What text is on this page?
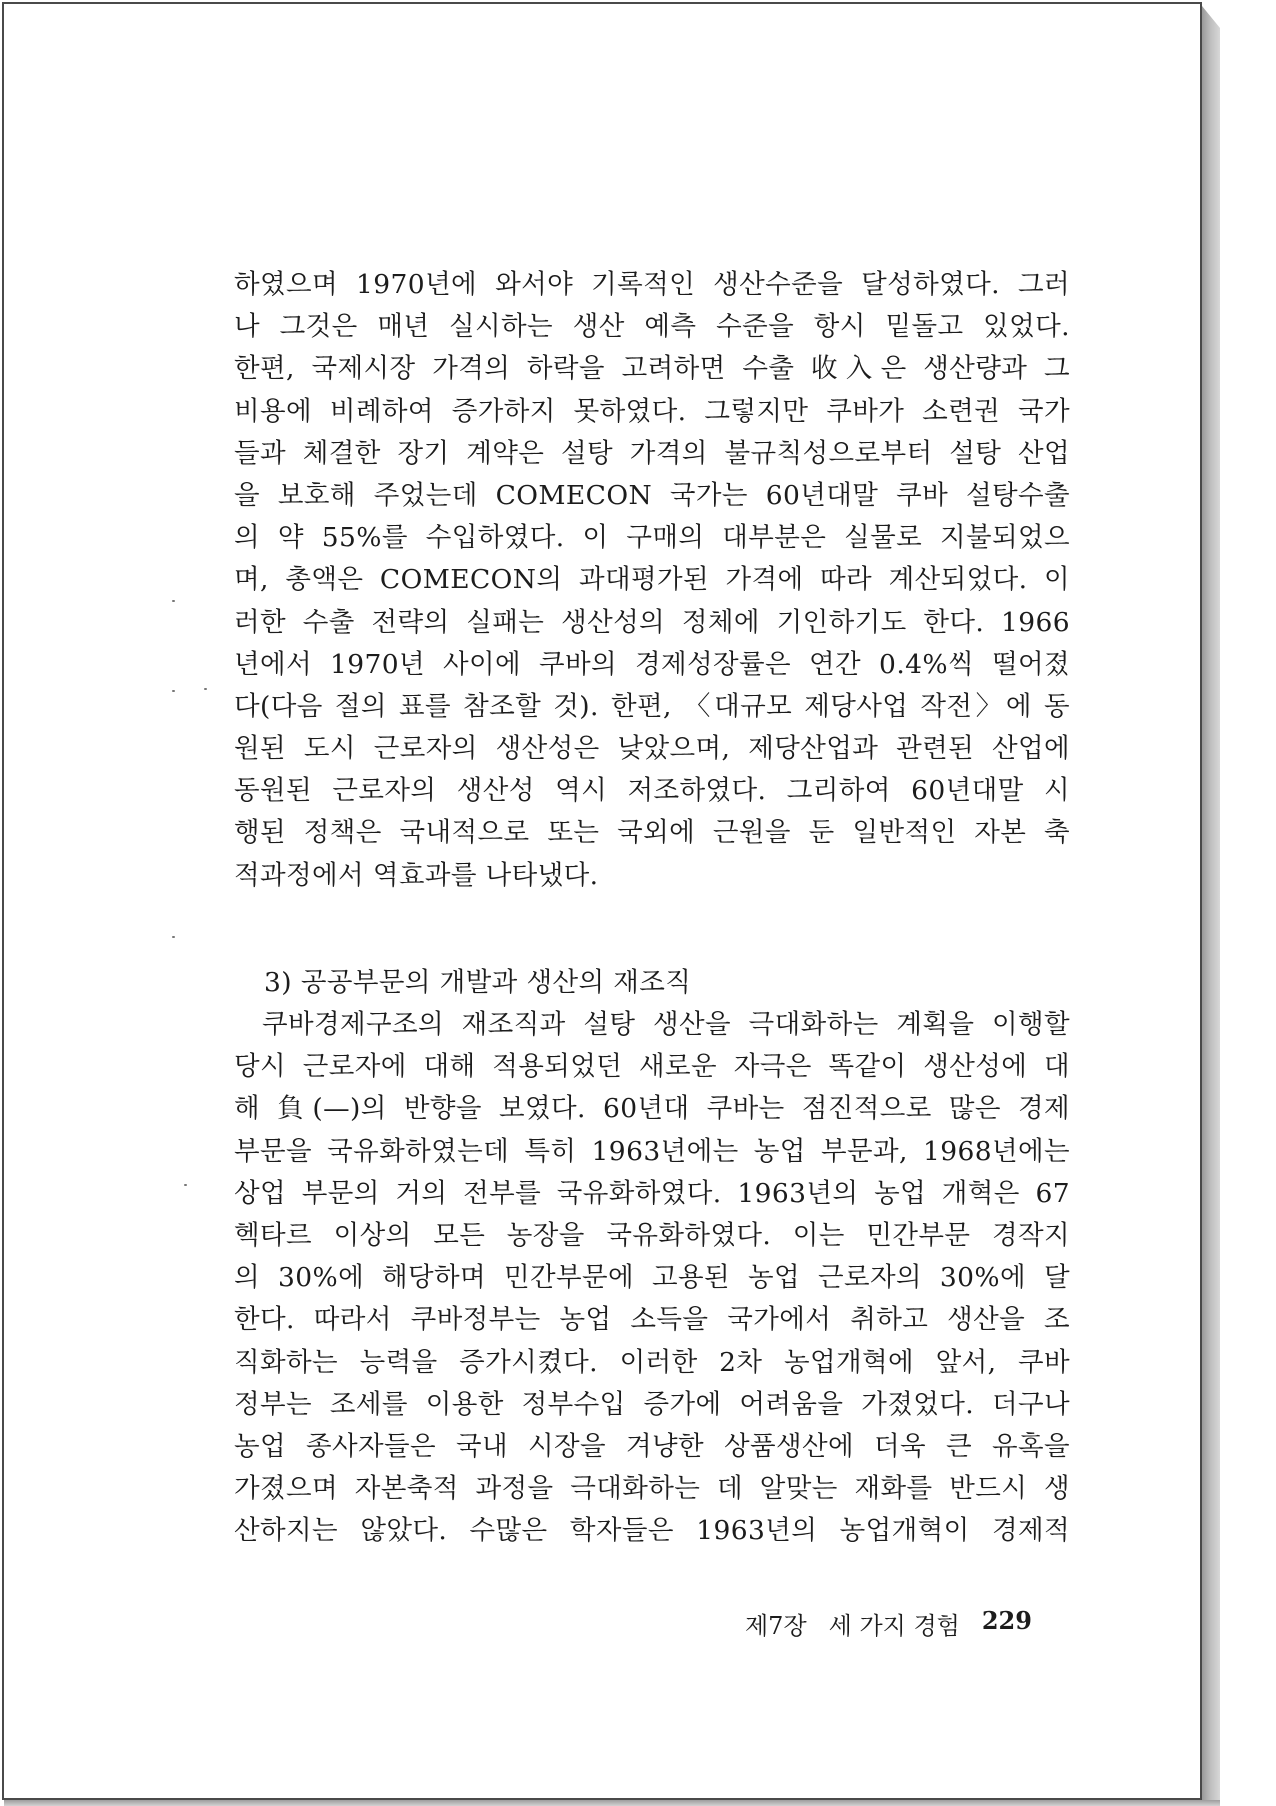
하였으며 1970년에 와서야 기록적인 생산수준을 달성하였다. 그러

나 그것은 매년 실시하는 생산 예측 수준을 항시 밑돌고 있었다.

한편, 국제시장 가격의 하락을 고려하면 수출 收入은 생산량과 그

비용에 비례하여 증가하지 못하였다. 그렇지만 쿠바가 소련권 국가

들과 체결한 장기 계약은 설탕 가격의 불규칙성으로부터 설탕 산업

을 보호해 주었는데 COMECON 국가는 60년대말 쿠바 설탕수출

의 약 55%를 수입하였다. 이 구매의 대부분은 실물로 지불되었으

며, 총액은 COMECON의 과대평가된 가격에 따라 계산되었다. 이

러한 수출 전략의 실패는 생산성의 정체에 기인하기도 한다. 1966

년에서 1970년 사이에 쿠바의 경제성장률은 연간 0.4%씩 떨어졌

다(다음 절의 표를 참조할 것). 한편, 〈대규모 제당사업 작전〉에 동

원된 도시 근로자의 생산성은 낮았으며, 제당산업과 관련된 산업에

동원된 근로자의 생산성 역시 저조하였다. 그리하여 60년대말 시

행된 정책은 국내적으로 또는 국외에 근원을 둔 일반적인 자본 축

적과정에서 역효과를 나타냈다.

3) 공공부문의 개발과 생산의 재조직

쿠바경제구조의 재조직과 설탕 생산을 극대화하는 계획을 이행할

당시 근로자에 대해 적용되었던 새로운 자극은 똑같이 생산성에 대

해 負(—)의 반향을 보였다. 60년대 쿠바는 점진적으로 많은 경제

부문을 국유화하였는데 특히 1963년에는 농업 부문과, 1968년에는

상업 부문의 거의 전부를 국유화하였다. 1963년의 농업 개혁은 67

헥타르 이상의 모든 농장을 국유화하였다. 이는 민간부문 경작지

의 30%에 해당하며 민간부문에 고용된 농업 근로자의 30%에 달

한다. 따라서 쿠바정부는 농업 소득을 국가에서 취하고 생산을 조

직화하는 능력을 증가시켰다. 이러한 2차 농업개혁에 앞서, 쿠바

정부는 조세를 이용한 정부수입 증가에 어려움을 가졌었다. 더구나

농업 종사자들은 국내 시장을 겨냥한 상품생산에 더욱 큰 유혹을

가졌으며 자본축적 과정을 극대화하는 데 알맞는 재화를 반드시 생

산하지는 않았다. 수많은 학자들은 1963년의 농업개혁이 경제적

제7장 세 가지 경험 229
